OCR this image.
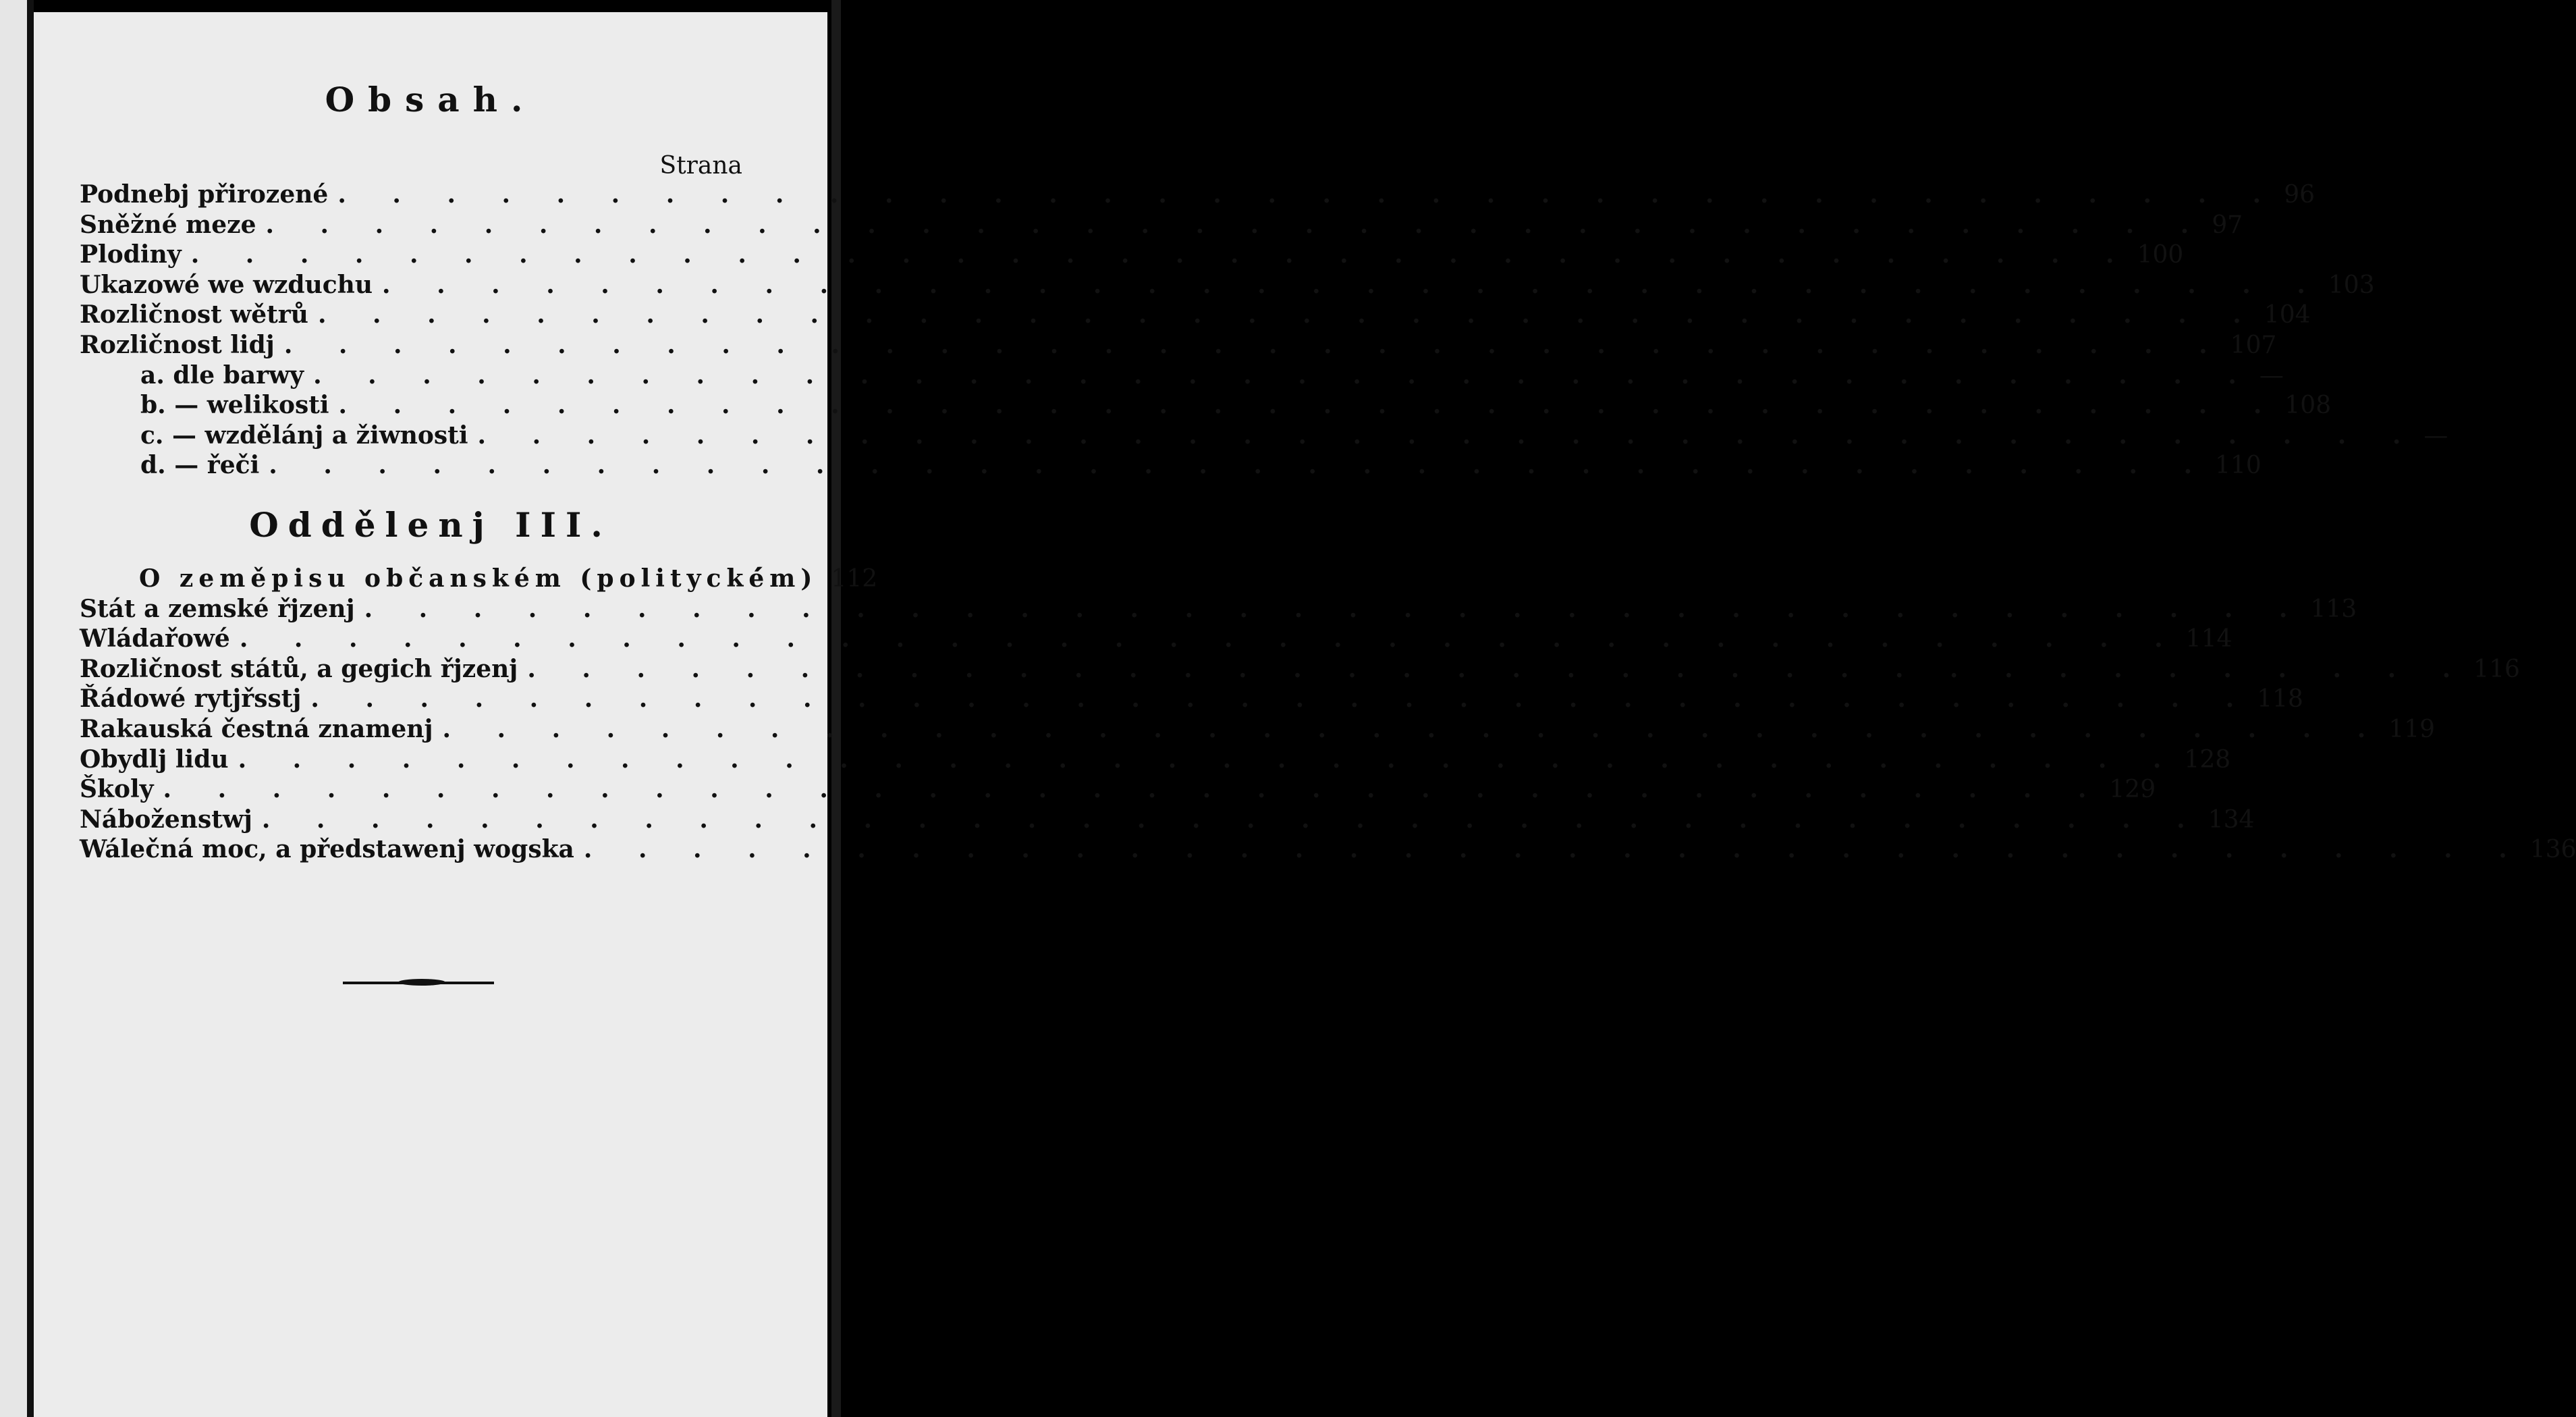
Obsah.
Strana
Podnebj přirozené . . .	96
Sněžné meze . . .	97
Plodiny . . .	100
Ukazowé we wzduchu . . .	103
Rozličnost wětrů . . .	104
Rozličnost lidj . . .	107
a. dle barwy . . .	—
b. — welikosti . . .	108
c. — wzdělánj a žiwnosti . . .	—
d. — řeči . . .	110
Oddělenj III.
O zeměpisu občanském (politycké́m) 112
Stát a zemské řjzenj . . .	113
Wládařowé . . .	114
Rozličnost států, a gegich řjzenj . . .	116
Řádowé rytjřsstj . . .	118
Rakauská čestná znamenj . . .	119
Obydlj lidu . . .	128
Školy . . .	129
Náboženstwj . . .	134
Wálečná moc, a předstawenj wogska . . .	136
